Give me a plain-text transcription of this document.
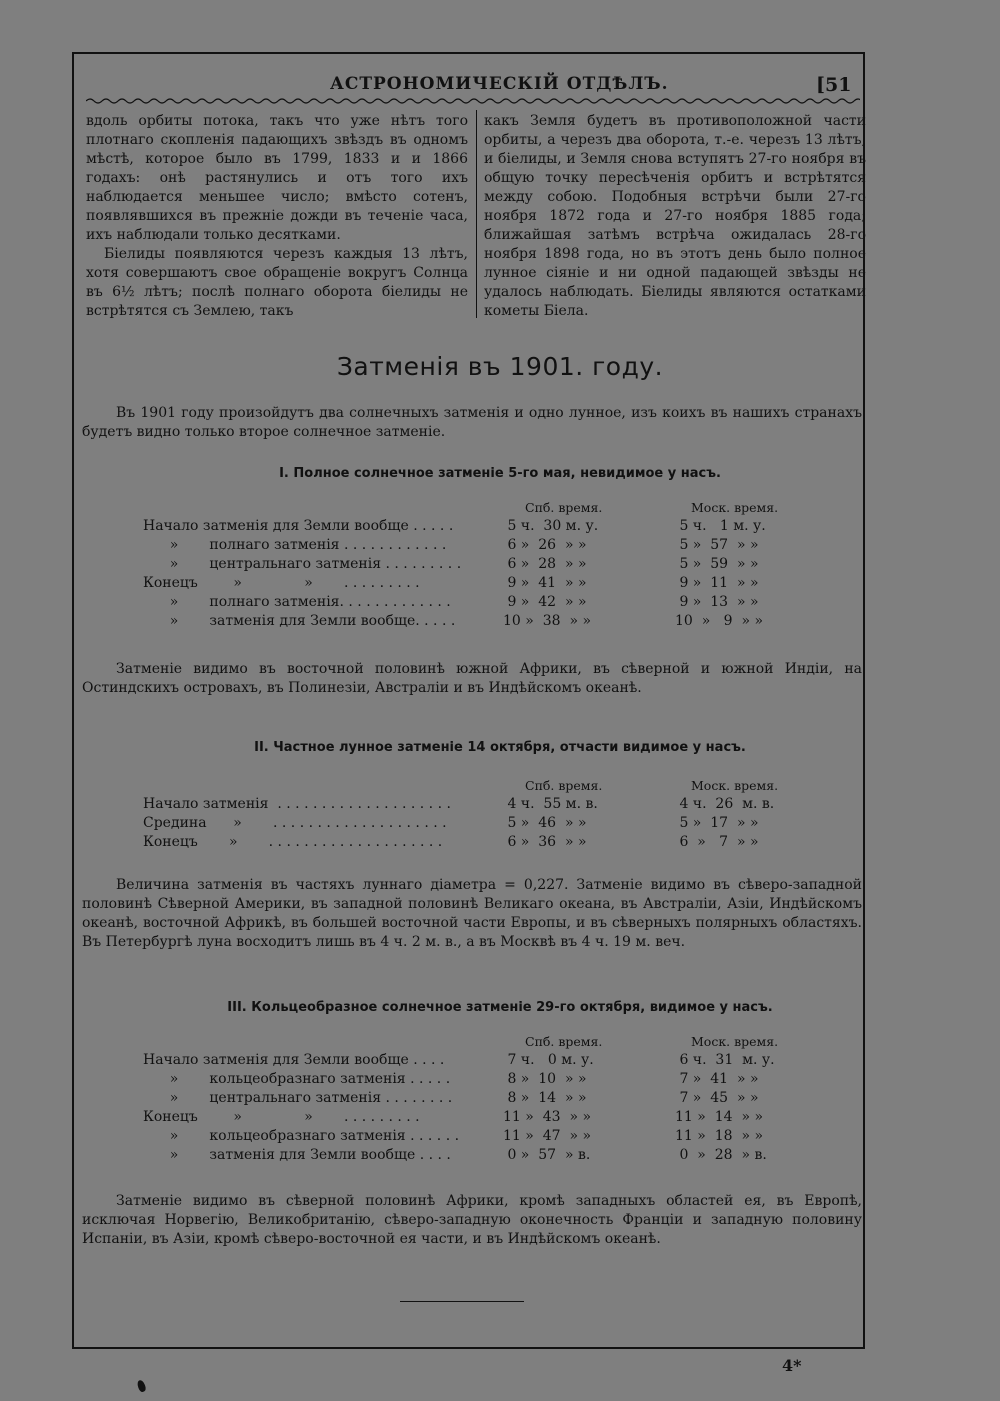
АСТРОНОМИЧЕСКІЙ ОТДѢЛЪ.	[51

вдоль орбиты потока, такъ что уже нѣтъ того плотнаго скопленія падающихъ звѣздъ въ одномъ мѣстѣ, которое было въ 1799, 1833 и и 1866 годахъ: онѣ растянулись и отъ того ихъ наблюдается меньшее число; вмѣсто сотенъ, появлявшихся въ прежніе дожди въ теченіе часа, ихъ наблюдали только десятками.

Біелиды появляются черезъ каждыя 13 лѣтъ, хотя совершаютъ свое обращеніе вокругъ Солнца въ 6½ лѣтъ; послѣ полнаго оборота біелиды не встрѣтятся съ Землею, такъ

какъ Земля будетъ въ противоположной части орбиты, а черезъ два оборота, т.-е. черезъ 13 лѣтъ, и біелиды, и Земля снова вступятъ 27-го ноября въ общую точку пересѣченія орбитъ и встрѣтятся между собою. Подобныя встрѣчи были 27-го ноября 1872 года и 27-го ноября 1885 года; ближайшая затѣмъ встрѣча ожидалась 28-го ноября 1898 года, но въ этотъ день было полное лунное сіяніе и ни одной падающей звѣзды не удалось наблюдать. Біелиды являются остатками кометы Біела.

Затменія въ 1901. году.
Въ 1901 году произойдутъ два солнечныхъ затменія и одно лунное, изъ коихъ въ нашихъ странахъ будетъ видно только второе солнечное затменіе.
I. Полное солнечное затменіе 5-го мая, невидимое у насъ.
Спб. время.	Моск. время.
Начало затменія для Земли вообще . . . . .	5 ч.  30 м. у.	5 ч.   1 м. у.
»       полнаго затменія . . . . . . . . . . . .	6 »  26  » »	5 »  57  » »
»       центральнаго затменія . . . . . . . . .	6 »  28  » »	5 »  59  » »
Конецъ        »              »       . . . . . . . . .	9 »  41  » »	9 »  11  » »
»       полнаго затменія. . . . . . . . . . . . .	9 »  42  » »	9 »  13  » »
»       затменія для Земли вообще. . . . .	10 »  38  » »	10  »   9  » »
Затменіе видимо въ восточной половинѣ южной Африки, въ сѣверной и южной Индіи, на Остиндскихъ островахъ, въ Полинезіи, Австраліи и въ Индѣйскомъ океанѣ.
II. Частное лунное затменіе 14 октября, отчасти видимое у насъ.
Спб. время.	Моск. время.
Начало затменія  . . . . . . . . . . . . . . . . . . . .	4 ч.  55 м. в.	4 ч.  26  м. в.
Средина      »       . . . . . . . . . . . . . . . . . . . .	5 »  46  » »	5 »  17  » »
Конецъ       »       . . . . . . . . . . . . . . . . . . . .	6 »  36  » »	6  »   7  » »
Величина затменія въ частяхъ луннаго діаметра = 0,227. Затменіе видимо въ сѣверо-западной половинѣ Сѣверной Америки, въ западной половинѣ Великаго океана, въ Австраліи, Азіи, Индѣйскомъ океанѣ, восточной Африкѣ, въ большей восточной части Европы, и въ сѣверныхъ полярныхъ областяхъ. Въ Петербургѣ луна восходитъ лишь въ 4 ч. 2 м. в., а въ Москвѣ въ 4 ч. 19 м. веч.
III. Кольцеобразное солнечное затменіе 29-го октября, видимое у насъ.
Спб. время.	Моск. время.
Начало затменія для Земли вообще . . . .	7 ч.   0 м. у.	6 ч.  31  м. у.
»       кольцеобразнаго затменія . . . . .	8 »  10  » »	7 »  41  » »
»       центральнаго затменія . . . . . . . .	8 »  14  » »	7 »  45  » »
Конецъ        »              »       . . . . . . . . .	11 »  43  » »	11 »  14  » »
»       кольцеобразнаго затменія . . . . . .	11 »  47  » »	11 »  18  » »
»       затменія для Земли вообще . . . .	0 »  57  » в.	0  »  28  » в.
Затменіе видимо въ сѣверной половинѣ Африки, кромѣ западныхъ областей ея, въ Европѣ, исключая Норвегію, Великобританію, сѣверо-западную оконечность Франціи и западную половину Испаніи, въ Азіи, кромѣ сѣверо-восточной ея части, и въ Индѣйскомъ океанѣ.
4*
